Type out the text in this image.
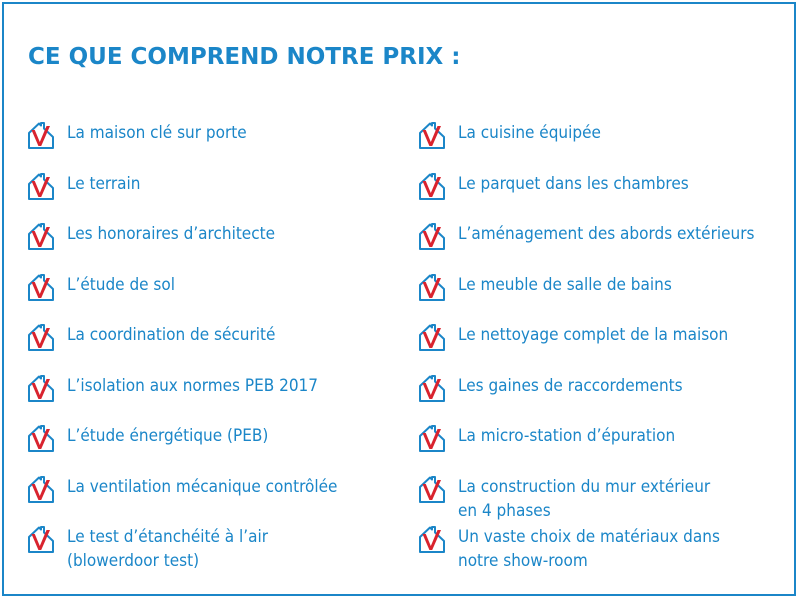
CE QUE COMPREND NOTRE PRIX :
La maison clé sur porte
Le terrain
Les honoraires d’architecte
L’étude de sol
La coordination de sécurité
L’isolation aux normes PEB 2017
L’étude énergétique (PEB)
La ventilation mécanique contrôlée
Le test d’étanchéité à l’air
(blowerdoor test)
La cuisine équipée
Le parquet dans les chambres
L’aménagement des abords extérieurs
Le meuble de salle de bains
Le nettoyage complet de la maison
Les gaines de raccordements
La micro-station d’épuration
La construction du mur extérieur
en 4 phases
Un vaste choix de matériaux dans
notre show-room
